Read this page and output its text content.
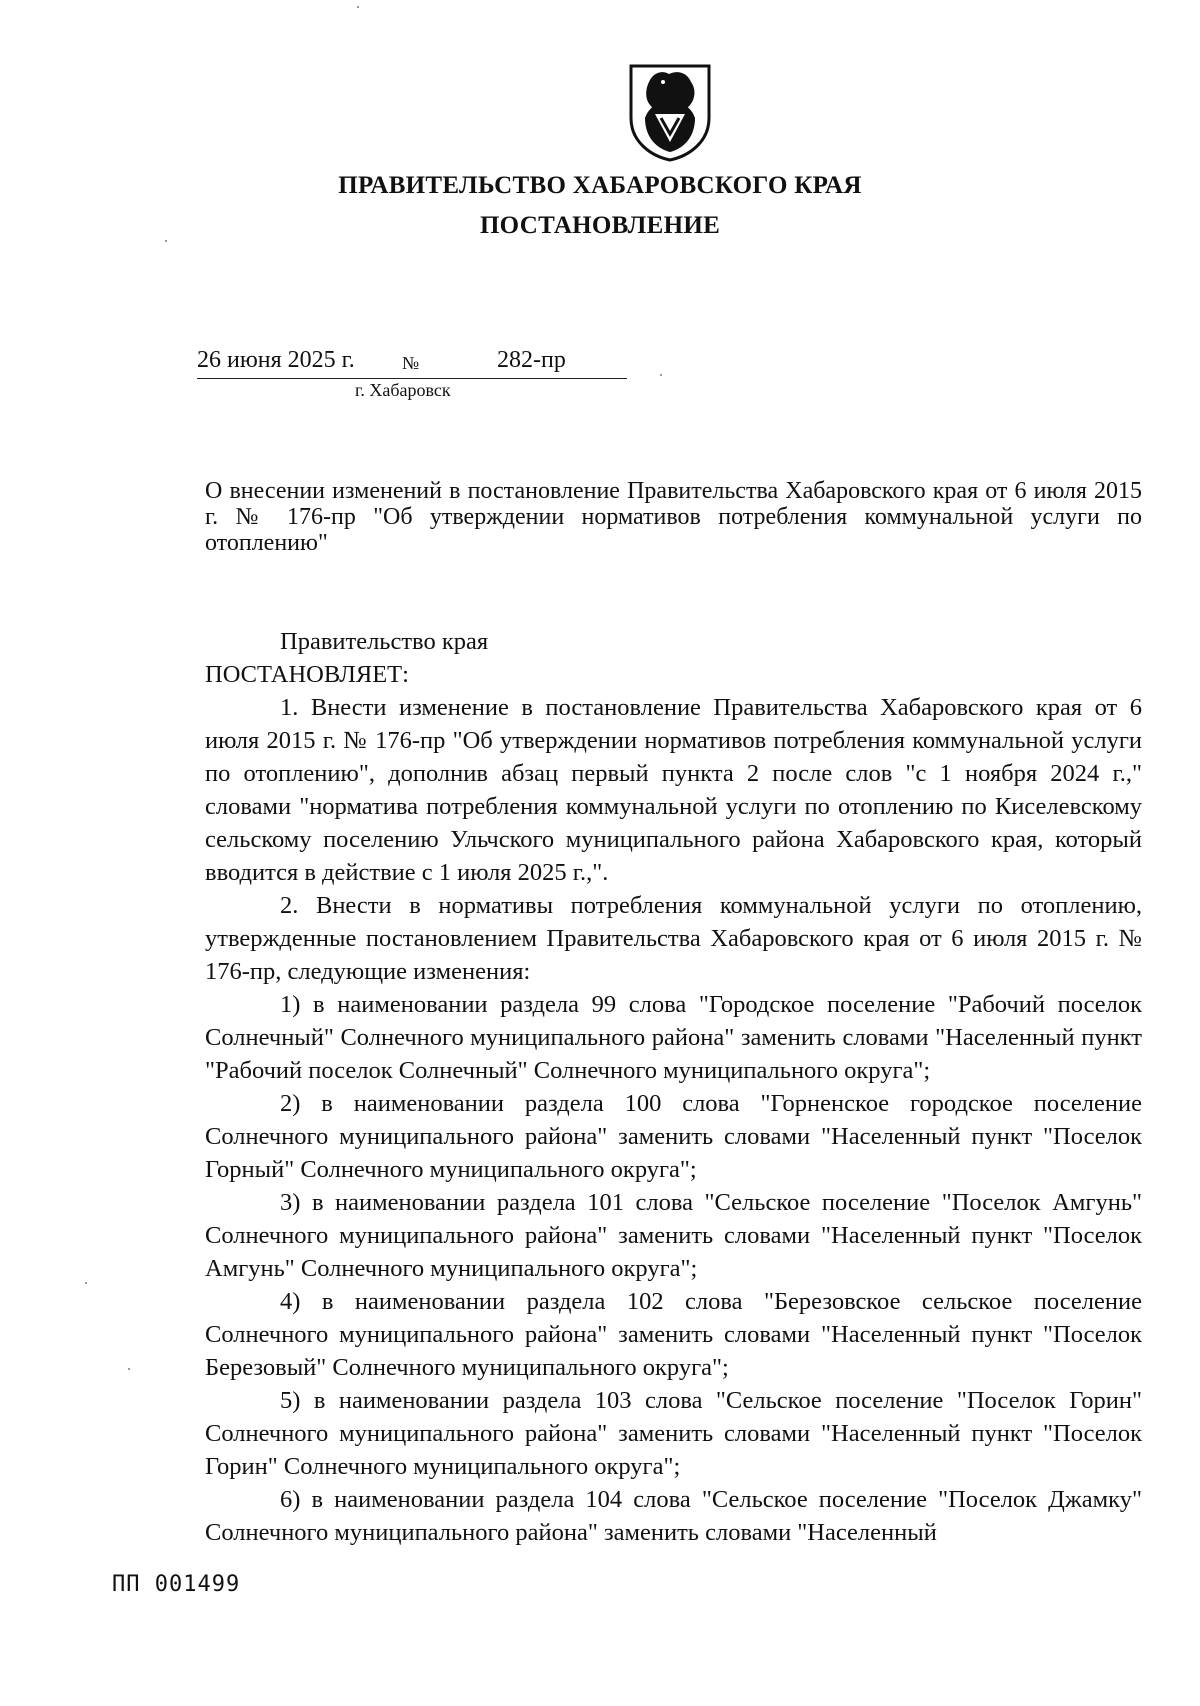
ПРАВИТЕЛЬСТВО ХАБАРОВСКОГО КРАЯ
ПОСТАНОВЛЕНИЕ
26 июня 2025 г.	№	282-пр
г. Хабаровск
О внесении изменений в постановление Правительства Хабаровского края от 6 июля 2015 г. № 176-пр "Об утверждении нормативов потребления коммунальной услуги по отоплению"

Правительство края

ПОСТАНОВЛЯЕТ:

1. Внести изменение в постановление Правительства Хабаровского края от 6 июля 2015 г. № 176-пр "Об утверждении нормативов потребления коммунальной услуги по отоплению", дополнив абзац первый пункта 2 после слов "с 1 ноября 2024 г.," словами "норматива потребления коммунальной услуги по отоплению по Киселевскому сельскому поселению Ульчского муниципального района Хабаровского края, который вводится в действие с 1 июля 2025 г.,".

2. Внести в нормативы потребления коммунальной услуги по отоплению, утвержденные постановлением Правительства Хабаровского края от 6 июля 2015 г. № 176-пр, следующие изменения:

1) в наименовании раздела 99 слова "Городское поселение "Рабочий поселок Солнечный" Солнечного муниципального района" заменить словами "Населенный пункт "Рабочий поселок Солнечный" Солнечного муниципального округа";

2) в наименовании раздела 100 слова "Горненское городское поселение Солнечного муниципального района" заменить словами "Населенный пункт "Поселок Горный" Солнечного муниципального округа";

3) в наименовании раздела 101 слова "Сельское поселение "Поселок Амгунь" Солнечного муниципального района" заменить словами "Населенный пункт "Поселок Амгунь" Солнечного муниципального округа";

4) в наименовании раздела 102 слова "Березовское сельское поселение Солнечного муниципального района" заменить словами "Населенный пункт "Поселок Березовый" Солнечного муниципального округа";

5) в наименовании раздела 103 слова "Сельское поселение "Поселок Горин" Солнечного муниципального района" заменить словами "Населенный пункт "Поселок Горин" Солнечного муниципального округа";

6) в наименовании раздела 104 слова "Сельское поселение "Поселок Джамку" Солнечного муниципального района" заменить словами "Населенный

ПП 001499
